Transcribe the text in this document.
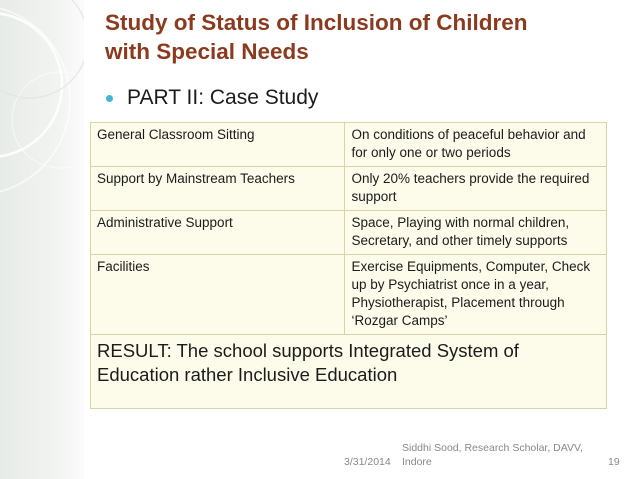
Study of Status of Inclusion of Children
with Special Needs
PART II: Case Study
General Classroom Sitting	On conditions of peaceful behavior and for only one or two periods
Support by Mainstream Teachers	Only 20% teachers provide the required support
Administrative Support	Space, Playing with normal children, Secretary, and other timely supports
Facilities	Exercise Equipments, Computer, Check up by Psychiatrist once in a year, Physiotherapist, Placement through ‘Rozgar Camps’
RESULT: The school supports Integrated System of Education rather Inclusive Education	
3/31/2014
Siddhi Sood, Research Scholar, DAVV,
Indore	19
